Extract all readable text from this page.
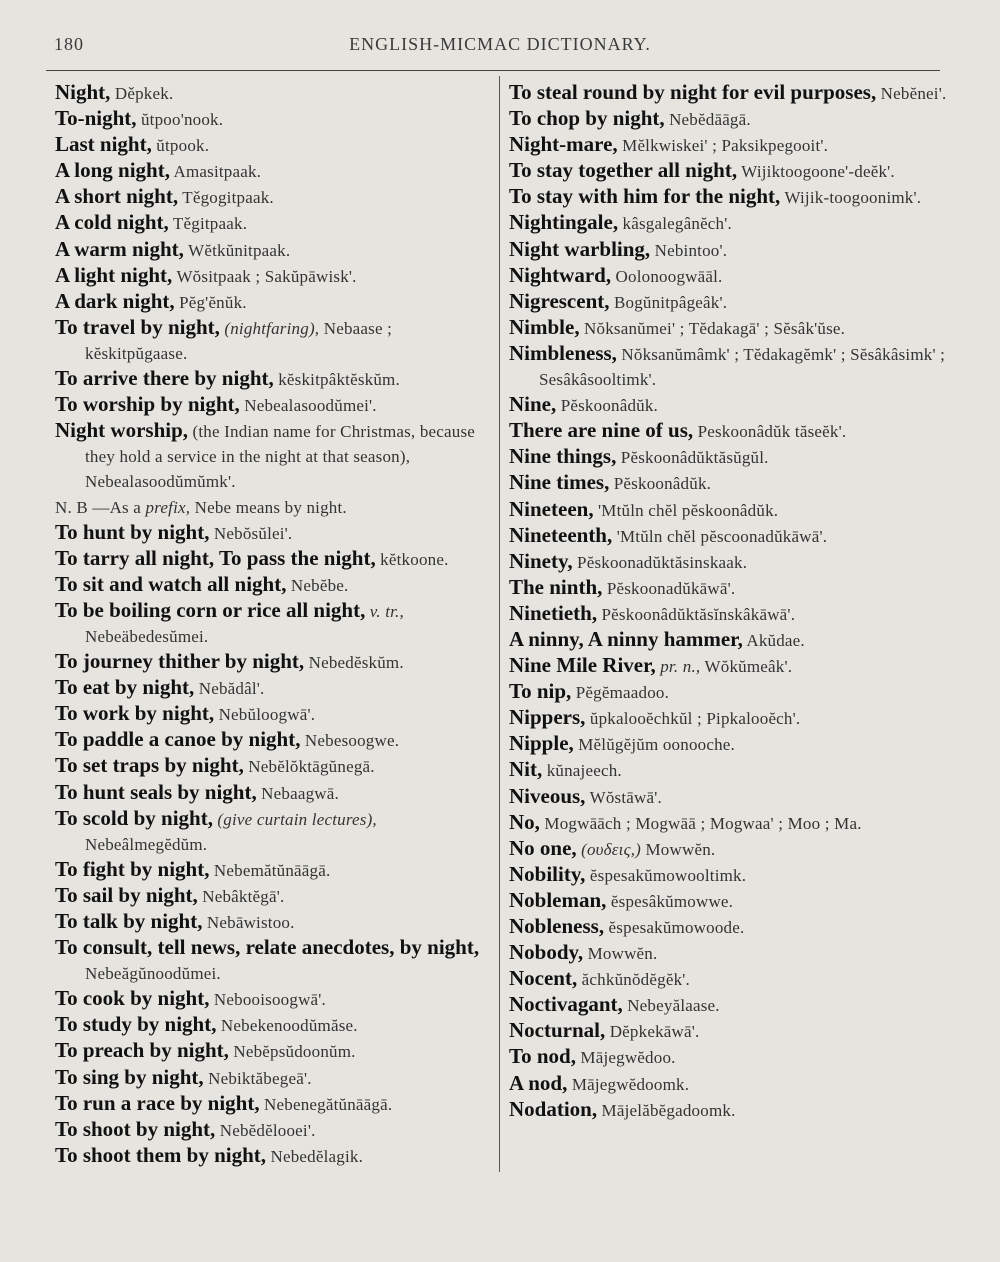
180	ENGLISH-MICMAC DICTIONARY.

Night, Děpkek.

To-night, ŭtpoo'nook.

Last night, ŭtpook.

A long night, Amasitpaak.

A short night, Těgogitpaak.

A cold night, Těgitpaak.

A warm night, Wĕtkŭnitpaak.

A light night, Wŏsitpaak ; Sakŭpāwisk'.

A dark night, Pĕg'ĕnŭk.

To travel by night, (nightfaring), Nebaase ; kĕskitpŭgaase.

To arrive there by night, kĕskitpâktĕskŭm.

To worship by night, Nebealasoodŭmei'.

Night worship, (the Indian name for Christmas, because they hold a service in the night at that season), Nebealasoodŭmŭmk'.

N. B —As a prefix, Nebe means by night.

To hunt by night, Nebŏsŭlei'.

To tarry all night, To pass the night, kĕtkoone.

To sit and watch all night, Nebĕbe.

To be boiling corn or rice all night, v. tr., Nebeäbedesŭmei.

To journey thither by night, Nebedĕskŭm.

To eat by night, Nebădâl'.

To work by night, Nebŭloogwā'.

To paddle a canoe by night, Nebesoogwe.

To set traps by night, Nebĕlŏktāgŭnegā.

To hunt seals by night, Nebaagwā.

To scold by night, (give curtain lectures), Nebeâlmegĕdŭm.

To fight by night, Nebemătŭnāāgā.

To sail by night, Nebâktĕgā'.

To talk by night, Nebāwistoo.

To consult, tell news, relate anecdotes, by night, Nebeăgŭnoodŭmei.

To cook by night, Nebooisoogwā'.

To study by night, Nebekenoodŭmăse.

To preach by night, Nebĕpsŭdoonŭm.

To sing by night, Nebiktăbegeā'.

To run a race by night, Nebenegătŭnāāgā.

To shoot by night, Nebĕdĕlooei'.

To shoot them by night, Nebedĕlagik.

To steal round by night for evil purposes, Nebĕnei'.

To chop by night, Nebĕdāāgā.

Night-mare, Mĕlkwiskei' ; Paksikpegooit'.

To stay together all night, Wijiktoogoone'-deĕk'.

To stay with him for the night, Wijik-toogoonimk'.

Nightingale, kâsgalegânĕch'.

Night warbling, Nebintoo'.

Nightward, Oolonoogwāāl.

Nigrescent, Bogŭnitpâgeâk'.

Nimble, Nŏksanŭmei' ; Tĕdakagā' ; Sĕsâk'ŭse.

Nimbleness, Nŏksanŭmâmk' ; Tĕdakagĕmk' ; Sĕsâkâsimk' ; Sesâkâsooltimk'.

Nine, Pĕskoonâdŭk.

There are nine of us, Peskoonâdŭk tăseĕk'.

Nine things, Pĕskoonâdŭktăsŭgŭl.

Nine times, Pĕskoonâdŭk.

Nineteen, 'Mtŭln chĕl pĕskoonâdŭk.

Nineteenth, 'Mtŭln chĕl pĕscoonadŭkāwā'.

Ninety, Pĕskoonadŭktăsinskaak.

The ninth, Pĕskoonadŭkāwā'.

Ninetieth, Pĕskoonâdŭktăsĭnskâkāwā'.

A ninny, A ninny hammer, Akŭdae.

Nine Mile River, pr. n., Wŏkŭmeâk'.

To nip, Pĕgĕmaadoo.

Nippers, ŭpkalooĕchkŭl ; Pipkalooĕch'.

Nipple, Mĕlŭgĕjŭm oonooche.

Nit, kŭnajeech.

Niveous, Wŏstāwā'.

No, Mogwāāch ; Mogwāā ; Mogwaa' ; Moo ; Ma.

No one, (ουδεις,) Mowwĕn.

Nobility, ĕspesakŭmowooltimk.

Nobleman, ĕspesâkŭmowwe.

Nobleness, ĕspesakŭmowoode.

Nobody, Mowwĕn.

Nocent, ăchkŭnŏdĕgĕk'.

Noctivagant, Nebeyălaase.

Nocturnal, Dĕpkekāwā'.

To nod, Mājegwĕdoo.

A nod, Mājegwĕdoomk.

Nodation, Mājelăbĕgadoomk.
